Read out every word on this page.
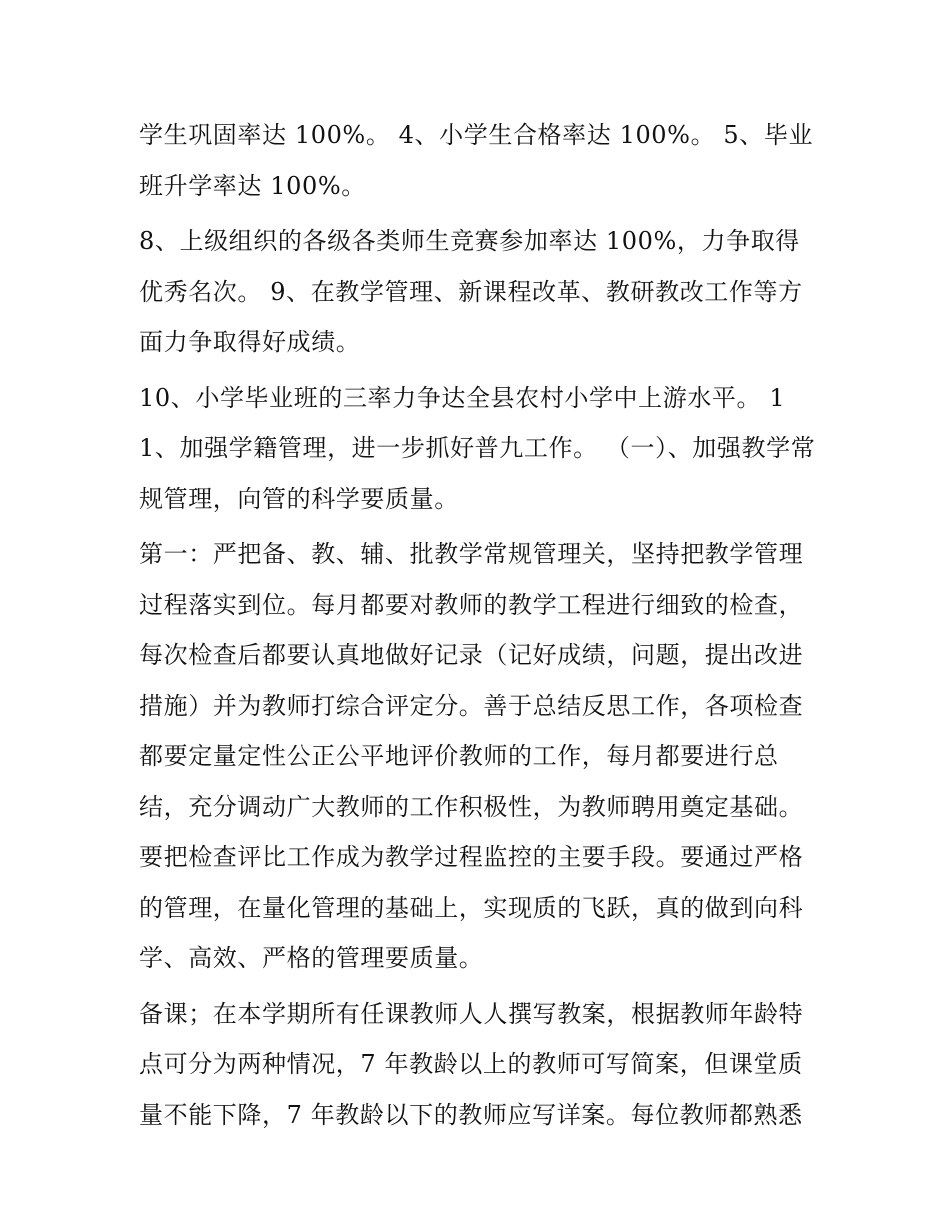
学生巩固率达 100%。 4、小学生合格率达 100%。 5、毕业班升学率达 100%。

8、上级组织的各级各类师生竞赛参加率达 100%，力争取得优秀名次。 9、在教学管理、新课程改革、教研教改工作等方面力争取得好成绩。

10、小学毕业班的三率力争达全县农村小学中上游水平。 11、加强学籍管理，进一步抓好普九工作。 （一）、加强教学常规管理，向管的科学要质量。

第一：严把备、教、辅、批教学常规管理关，坚持把教学管理过程落实到位。每月都要对教师的教学工程进行细致的检查，每次检查后都要认真地做好记录（记好成绩，问题，提出改进措施）并为教师打综合评定分。善于总结反思工作，各项检查都要定量定性公正公平地评价教师的工作，每月都要进行总结，充分调动广大教师的工作积极性，为教师聘用奠定基础。要把检查评比工作成为教学过程监控的主要手段。要通过严格的管理，在量化管理的基础上，实现质的飞跃，真的做到向科学、高效、严格的管理要质量。

备课；在本学期所有任课教师人人撰写教案，根据教师年龄特点可分为两种情况，7 年教龄以上的教师可写简案，但课堂质量不能下降，7 年教龄以下的教师应写详案。每位教师都熟悉
